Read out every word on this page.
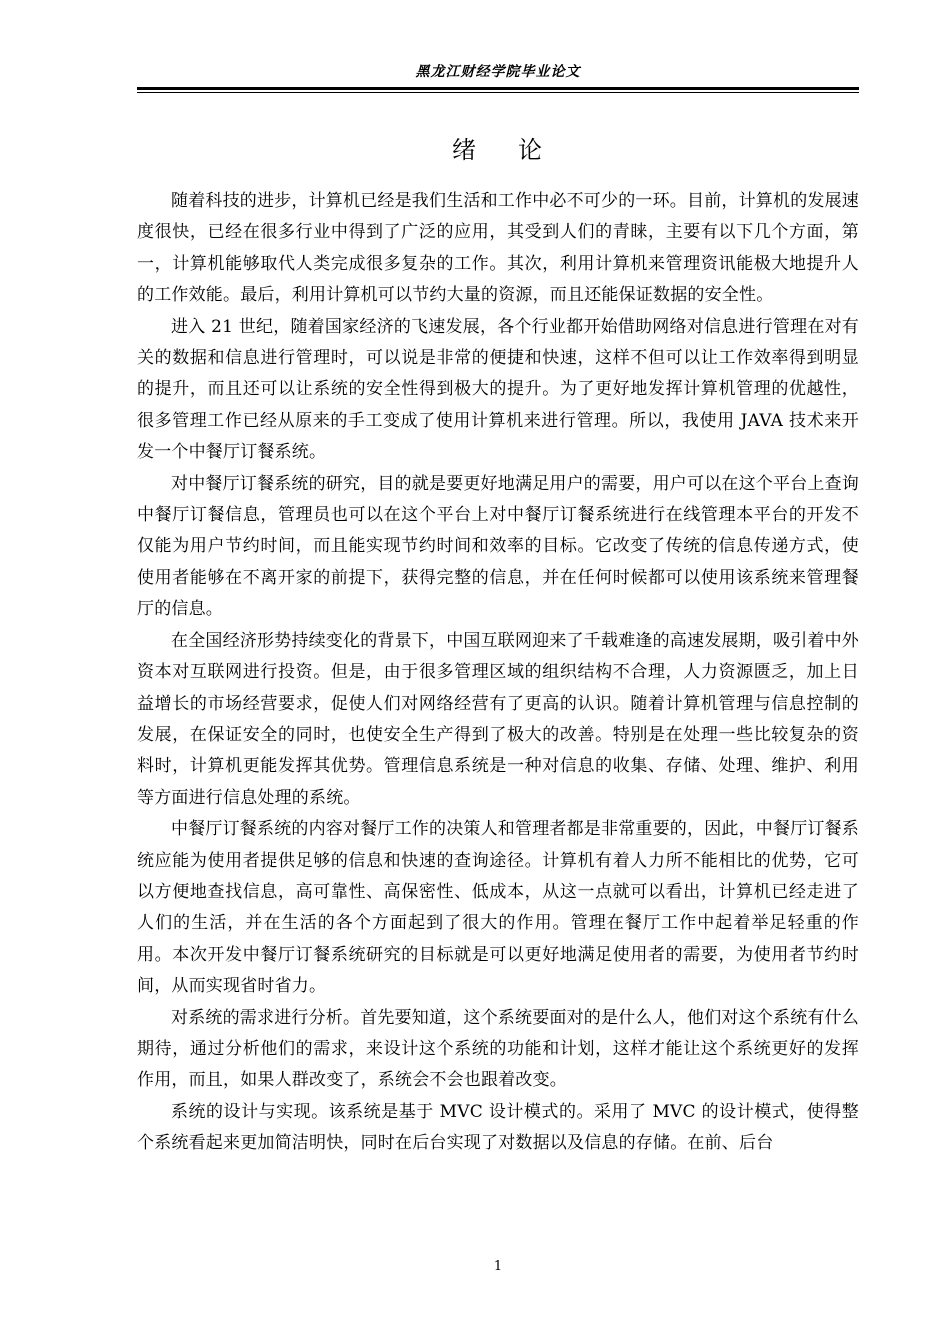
黑龙江财经学院毕业论文
绪 论

随着科技的进步，计算机已经是我们生活和工作中必不可少的一环。目前，计算机的发展速度很快，已经在很多行业中得到了广泛的应用，其受到人们的青睐，主要有以下几个方面，第一，计算机能够取代人类完成很多复杂的工作。其次，利用计算机来管理资讯能极大地提升人的工作效能。最后，利用计算机可以节约大量的资源，而且还能保证数据的安全性。

进入 21 世纪，随着国家经济的飞速发展，各个行业都开始借助网络对信息进行管理在对有关的数据和信息进行管理时，可以说是非常的便捷和快速，这样不但可以让工作效率得到明显的提升，而且还可以让系统的安全性得到极大的提升。为了更好地发挥计算机管理的优越性，很多管理工作已经从原来的手工变成了使用计算机来进行管理。所以，我使用 JAVA 技术来开发一个中餐厅订餐系统。

对中餐厅订餐系统的研究，目的就是要更好地满足用户的需要，用户可以在这个平台上查询中餐厅订餐信息，管理员也可以在这个平台上对中餐厅订餐系统进行在线管理本平台的开发不仅能为用户节约时间，而且能实现节约时间和效率的目标。它改变了传统的信息传递方式，使使用者能够在不离开家的前提下，获得完整的信息，并在任何时候都可以使用该系统来管理餐厅的信息。

在全国经济形势持续变化的背景下，中国互联网迎来了千载难逢的高速发展期，吸引着中外资本对互联网进行投资。但是，由于很多管理区域的组织结构不合理，人力资源匮乏，加上日益增长的市场经营要求，促使人们对网络经营有了更高的认识。随着计算机管理与信息控制的发展，在保证安全的同时，也使安全生产得到了极大的改善。特别是在处理一些比较复杂的资料时，计算机更能发挥其优势。管理信息系统是一种对信息的收集、存储、处理、维护、利用等方面进行信息处理的系统。

中餐厅订餐系统的内容对餐厅工作的决策人和管理者都是非常重要的，因此，中餐厅订餐系统应能为使用者提供足够的信息和快速的查询途径。计算机有着人力所不能相比的优势，它可以方便地查找信息，高可靠性、高保密性、低成本，从这一点就可以看出，计算机已经走进了人们的生活，并在生活的各个方面起到了很大的作用。管理在餐厅工作中起着举足轻重的作用。本次开发中餐厅订餐系统研究的目标就是可以更好地满足使用者的需要，为使用者节约时间，从而实现省时省力。

对系统的需求进行分析。首先要知道，这个系统要面对的是什么人，他们对这个系统有什么期待，通过分析他们的需求，来设计这个系统的功能和计划，这样才能让这个系统更好的发挥作用，而且，如果人群改变了，系统会不会也跟着改变。

系统的设计与实现。该系统是基于 MVC 设计模式的。采用了 MVC 的设计模式，使得整个系统看起来更加简洁明快，同时在后台实现了对数据以及信息的存储。在前、后台

1
